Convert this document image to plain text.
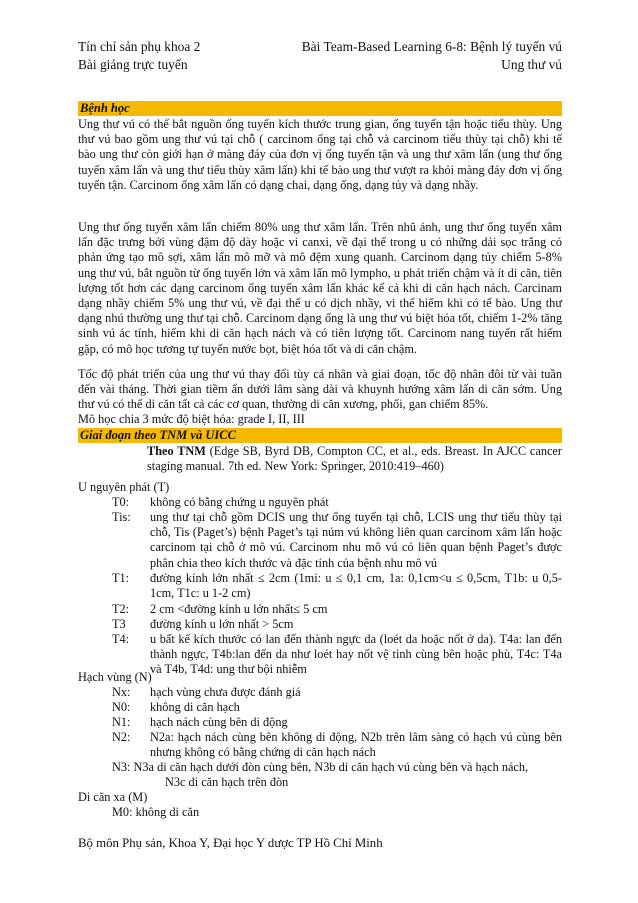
Tín chỉ sản phụ khoa 2
Bài giảng trực tuyến
Bài Team-Based Learning 6-8: Bệnh lý tuyến vú
Ung thư vú
Bệnh học
Ung thư vú có thể bắt nguồn ống tuyến kích thước trung gian, ống tuyến tận hoặc tiểu thùy. Ung thư vú bao gồm ung thư vú tại chỗ ( carcinom ống tại chỗ và carcinom tiểu thùy tại chỗ) khi tế bào ung thư còn giới hạn ở màng đáy của đơn vị ống tuyến tận và ung thư xâm lấn (ung thư ống tuyến xâm lấn và ung thư tiểu thùy xâm lấn) khi tế bào ung thư vượt ra khỏi màng đáy đơn vị ống tuyến tận. Carcinom ống xâm lấn có dạng chai, dạng ống, dạng tủy và dạng nhầy.
Ung thư ống tuyến xâm lấn chiếm 80% ung thư xâm lấn. Trên nhũ ảnh, ung thư ống tuyến xâm lấn đặc trưng bởi vùng đậm độ dày hoặc vi canxi, về đại thể trong u có những dải sọc trắng có phản ứng tạo mô sợi, xâm lấn mô mỡ và mô đệm xung quanh. Carcinom dạng tủy chiếm 5-8% ung thư vú, bắt nguồn từ ống tuyến lớn và xâm lấn mô lympho, u phát triển chậm và ít di căn, tiên lượng tốt hơn các dạng carcinom ống tuyến xâm lấn khác kể cả khi di căn hạch nách. Carcinam dạng nhầy chiếm 5% ung thư vú, về đại thể u có dịch nhầy, vi thể hiếm khi có tế bào. Ung thư dạng nhú thường ung thư tại chỗ. Carcinom dạng ống là ung thư vú biệt hóa tốt, chiếm 1-2% tăng sinh vú ác tính, hiếm khi di căn hạch nách và có tiên lượng tốt. Carcinom nang tuyến rất hiếm gặp, có mô học tương tự tuyến nước bọt, biệt hóa tốt và di căn chậm.
Tốc độ phát triển của ung thư vú thay đổi tùy cá nhân và giai đoạn, tốc độ nhân đôi từ vài tuần đến vài tháng. Thời gian tiềm ẩn dưới lâm sàng dài và khuynh hướng xâm lấn di căn sớm. Ung thư vú có thể di căn tất cả các cơ quan, thường di căn xương, phổi, gan chiếm 85%.
Mô học chia 3 mức độ biệt hóa: grade I, II, III
Giai đoạn theo TNM và UICC
Theo TNM (Edge SB, Byrd DB, Compton CC, et al., eds. Breast. In AJCC cancer staging manual. 7th ed. New York: Springer, 2010:419–460)
U nguyên phát (T)
T0: không có bằng chứng u nguyên phát
Tis: ung thư tại chỗ gồm DCIS ung thư ống tuyến tại chỗ, LCIS ung thư tiểu thùy tại chỗ, Tis (Paget’s) bệnh Paget’s tại núm vú không liên quan carcinom xâm lấn hoặc carcinom tại chỗ ở mô vú. Carcinom nhu mô vú có liên quan bệnh Paget’s được phân chia theo kích thước và đặc tính của bệnh nhu mô vú
T1: đường kính lớn nhất ≤ 2cm (1mi: u ≤ 0,1 cm, 1a: 0,1cm<u ≤ 0,5cm, T1b: u 0,5-1cm, T1c: u 1-2 cm)
T2: 2 cm <đường kính u lớn nhất≤ 5 cm
T3 đường kính u lớn nhất > 5cm
T4: u bất kể kích thước có lan đến thành ngực da (loét da hoặc nốt ở da). T4a: lan đến thành ngực, T4b:lan đến da như loét hay nốt vệ tinh cùng bên hoặc phù, T4c: T4a và T4b, T4d: ung thư bội nhiễm
Hạch vùng (N)
Nx: hạch vùng chưa được đánh giá
N0: không di căn hạch
N1: hạch nách cùng bên di động
N2: N2a: hạch nách cùng bên không di động, N2b trên lâm sàng có hạch vú cùng bên nhưng không có bằng chứng di căn hạch nách
N3: N3a di căn hạch dưới đòn cùng bên, N3b di căn hạch vú cùng bên và hạch nách,
N3c di căn hạch trên đòn
Di căn xa (M)
M0: không di căn
Bộ môn Phụ sản, Khoa Y, Đại học Y dược TP Hồ Chí Minh
